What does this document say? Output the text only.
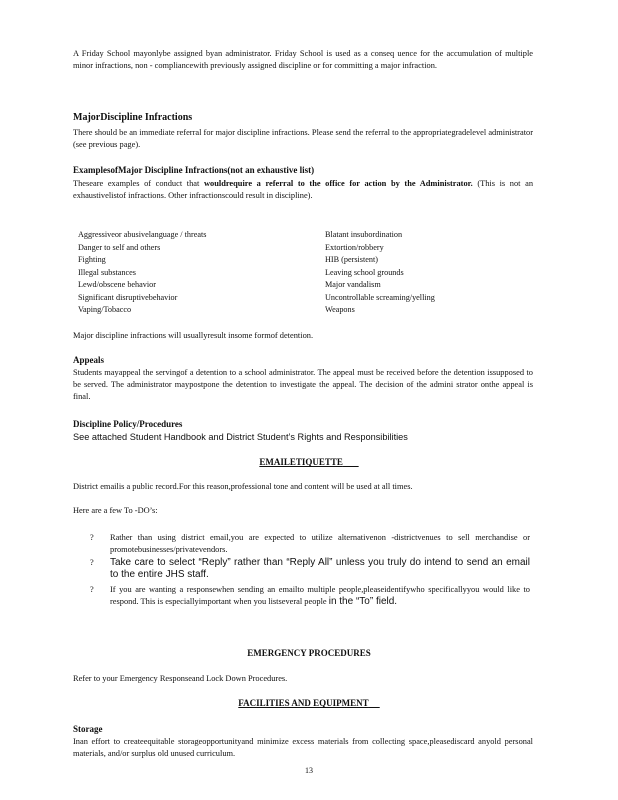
A Friday School mayonlybe assigned byan administrator. Friday School is used as a conseq uence for the accumulation of multiple minor infractions, non - compliancewith previously assigned discipline or for committing a major infraction.
MajorDiscipline Infractions
There should be an immediate referral for major discipline infractions. Please send the referral to the appropriategradelevel administrator (see previous page).
ExamplesofMajor Discipline Infractions(not an exhaustive list)
Theseare examples of conduct that wouldrequire a referral to the office for action by the Administrator. (This is not an exhaustivelistof infractions. Other infractionscould result in discipline).
Aggressiveor abusivelanguage / threats
Danger to self and others
Fighting
Illegal substances
Lewd/obscene behavior
Significant disruptivebehavior
Vaping/Tobacco
Blatant insubordination
Extortion/robbery
HIB (persistent)
Leaving school grounds
Major vandalism
Uncontrollable screaming/yelling
Weapons
Major discipline infractions will usuallyresult insome formof detention.
Appeals
Students mayappeal the servingof a detention to a school administrator. The appeal must be received before the detention issupposed to be served. The administrator maypostpone the detention to investigate the appeal. The decision of the admini strator onthe appeal is final.
Discipline Policy/Procedures
See attached Student Handbook and District Student’s Rights and Responsibilities
EMAILETIQUETTE
District emailis a public record.For this reason,professional tone and content will be used at all times.
Here are a few To -DO’s:
? Rather than using district email,you are expected to utilize alternativenon -districtvenues to sell merchandise or promotebusinesses/privatevendors.
? Take care to select “Reply” rather than “Reply All” unless you truly do intend to send an email to the entire JHS staff.
? If you are wanting a responsewhen sending an emailto multiple people,pleaseidentifywho specificallyyou would like to respond. This is especiallyimportant when you listseveral people in the “To” field.
EMERGENCY PROCEDURES
Refer to your Emergency Responseand Lock Down Procedures.
FACILITIES AND EQUIPMENT
Storage
Inan effort to createequitable storageopportunityand minimize excess materials from collecting space,pleasediscard anyold personal materials, and/or surplus old unused curriculum.
13
